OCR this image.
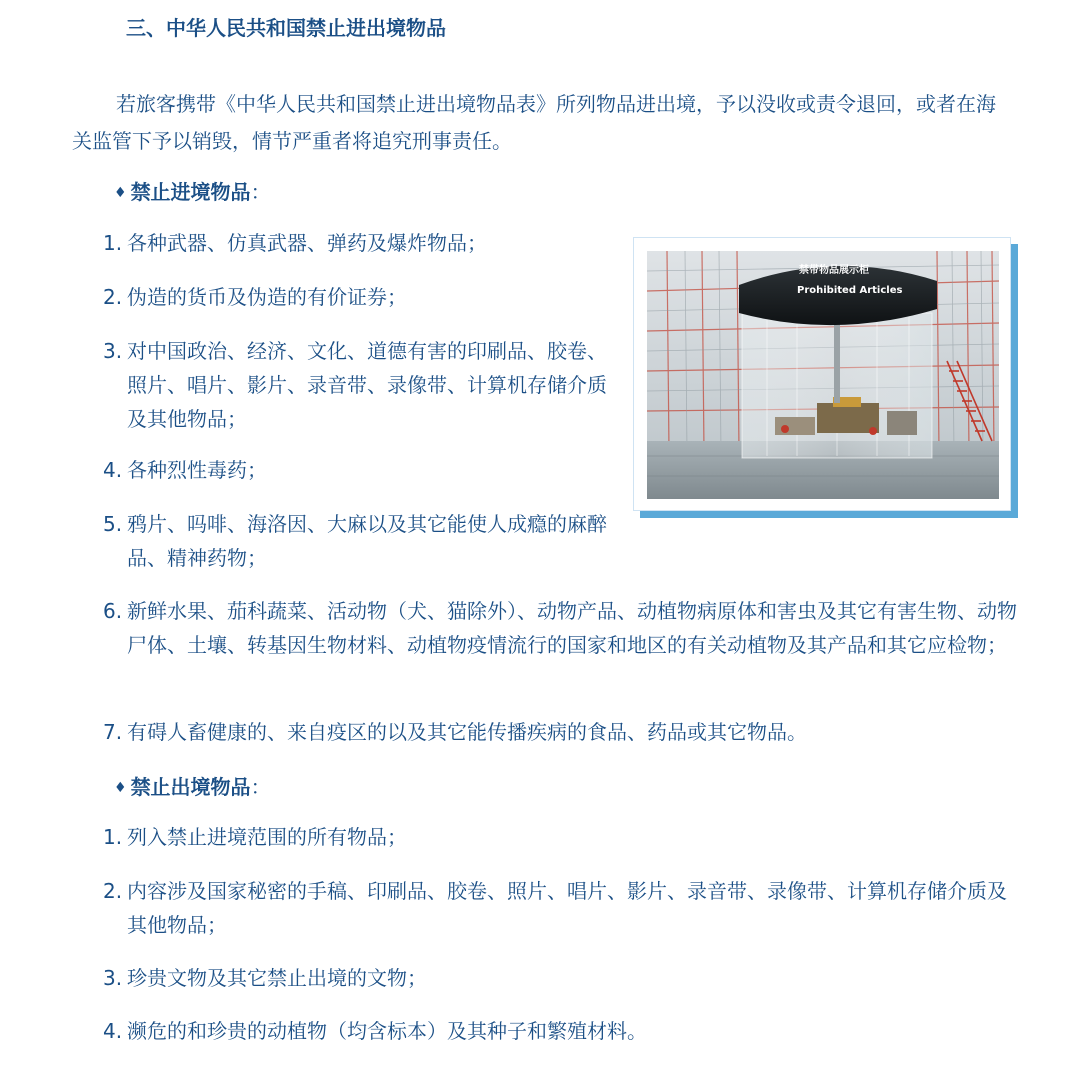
三、中华人民共和国禁止进出境物品
若旅客携带《中华人民共和国禁止进出境物品表》所列物品进出境，予以没收或责令退回，或者在海关监管下予以销毁，情节严重者将追究刑事责任。
♦ 禁止进境物品：
1. 各种武器、仿真武器、弹药及爆炸物品；
2. 伪造的货币及伪造的有价证券；
3. 对中国政治、经济、文化、道德有害的印刷品、胶卷、照片、唱片、影片、录音带、录像带、计算机存储介质及其他物品；
4. 各种烈性毒药；
5. 鸦片、吗啡、海洛因、大麻以及其它能使人成瘾的麻醉品、精神药物；
6. 新鲜水果、茄科蔬菜、活动物（犬、猫除外）、动物产品、动植物病原体和害虫及其它有害生物、动物尸体、土壤、转基因生物材料、动植物疫情流行的国家和地区的有关动植物及其产品和其它应检物；
7. 有碍人畜健康的、来自疫区的以及其它能传播疾病的食品、药品或其它物品。
♦ 禁止出境物品：
1. 列入禁止进境范围的所有物品；
2. 内容涉及国家秘密的手稿、印刷品、胶卷、照片、唱片、影片、录音带、录像带、计算机存储介质及其他物品；
3. 珍贵文物及其它禁止出境的文物；
4. 濒危的和珍贵的动植物（均含标本）及其种子和繁殖材料。
禁带物品展示柜
Prohibited Articles
